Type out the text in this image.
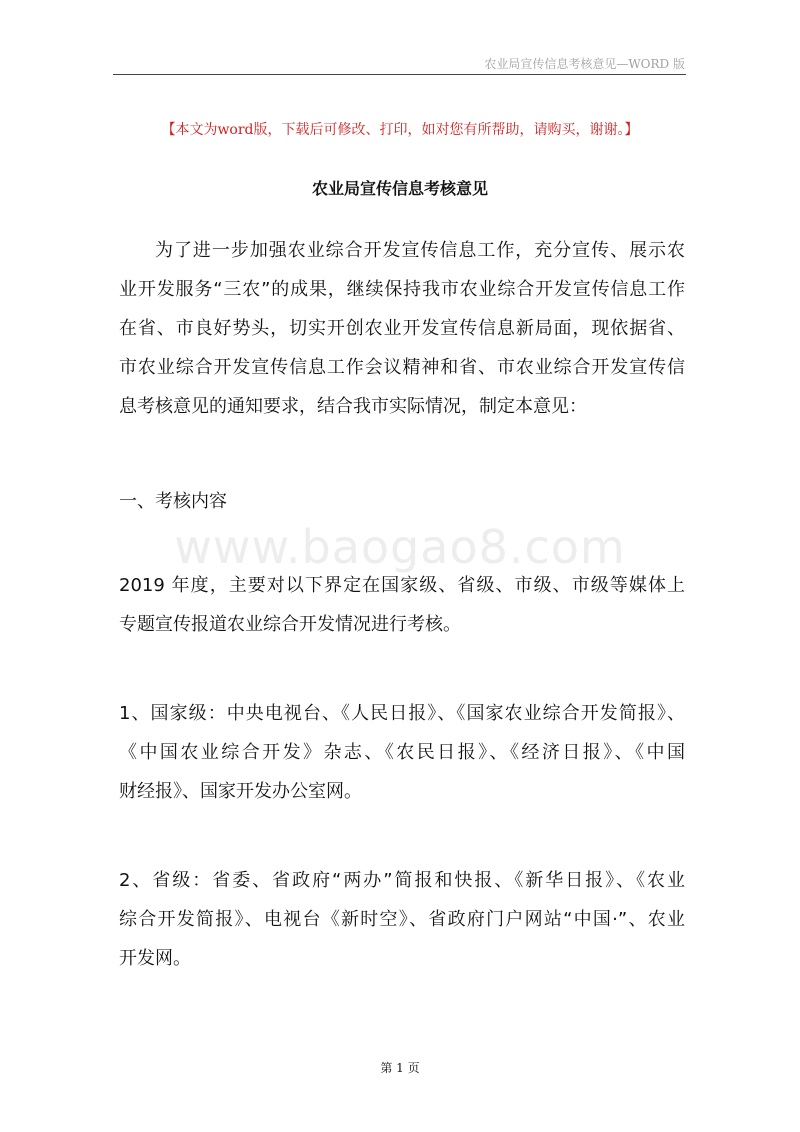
农业局宣传信息考核意见—WORD 版
【本文为word版，下载后可修改、打印，如对您有所帮助，请购买，谢谢。】
农业局宣传信息考核意见
为了进一步加强农业综合开发宣传信息工作，充分宣传、展示农
业开发服务“三农”的成果，继续保持我市农业综合开发宣传信息工作
在省、市良好势头，切实开创农业开发宣传信息新局面，现依据省、
市农业综合开发宣传信息工作会议精神和省、市农业综合开发宣传信
息考核意见的通知要求，结合我市实际情况，制定本意见：
一、考核内容
www.baogao8.com
2019 年度，主要对以下界定在国家级、省级、市级、市级等媒体上
专题宣传报道农业综合开发情况进行考核。
1、国家级：中央电视台、《人民日报》、《国家农业综合开发简报》、
《中国农业综合开发》杂志、《农民日报》、《经济日报》、《中国
财经报》、国家开发办公室网。
2、省级：省委、省政府“两办”简报和快报、《新华日报》、《农业
综合开发简报》、电视台《新时空》、省政府门户网站“中国·”、农业
开发网。
第 1 页
